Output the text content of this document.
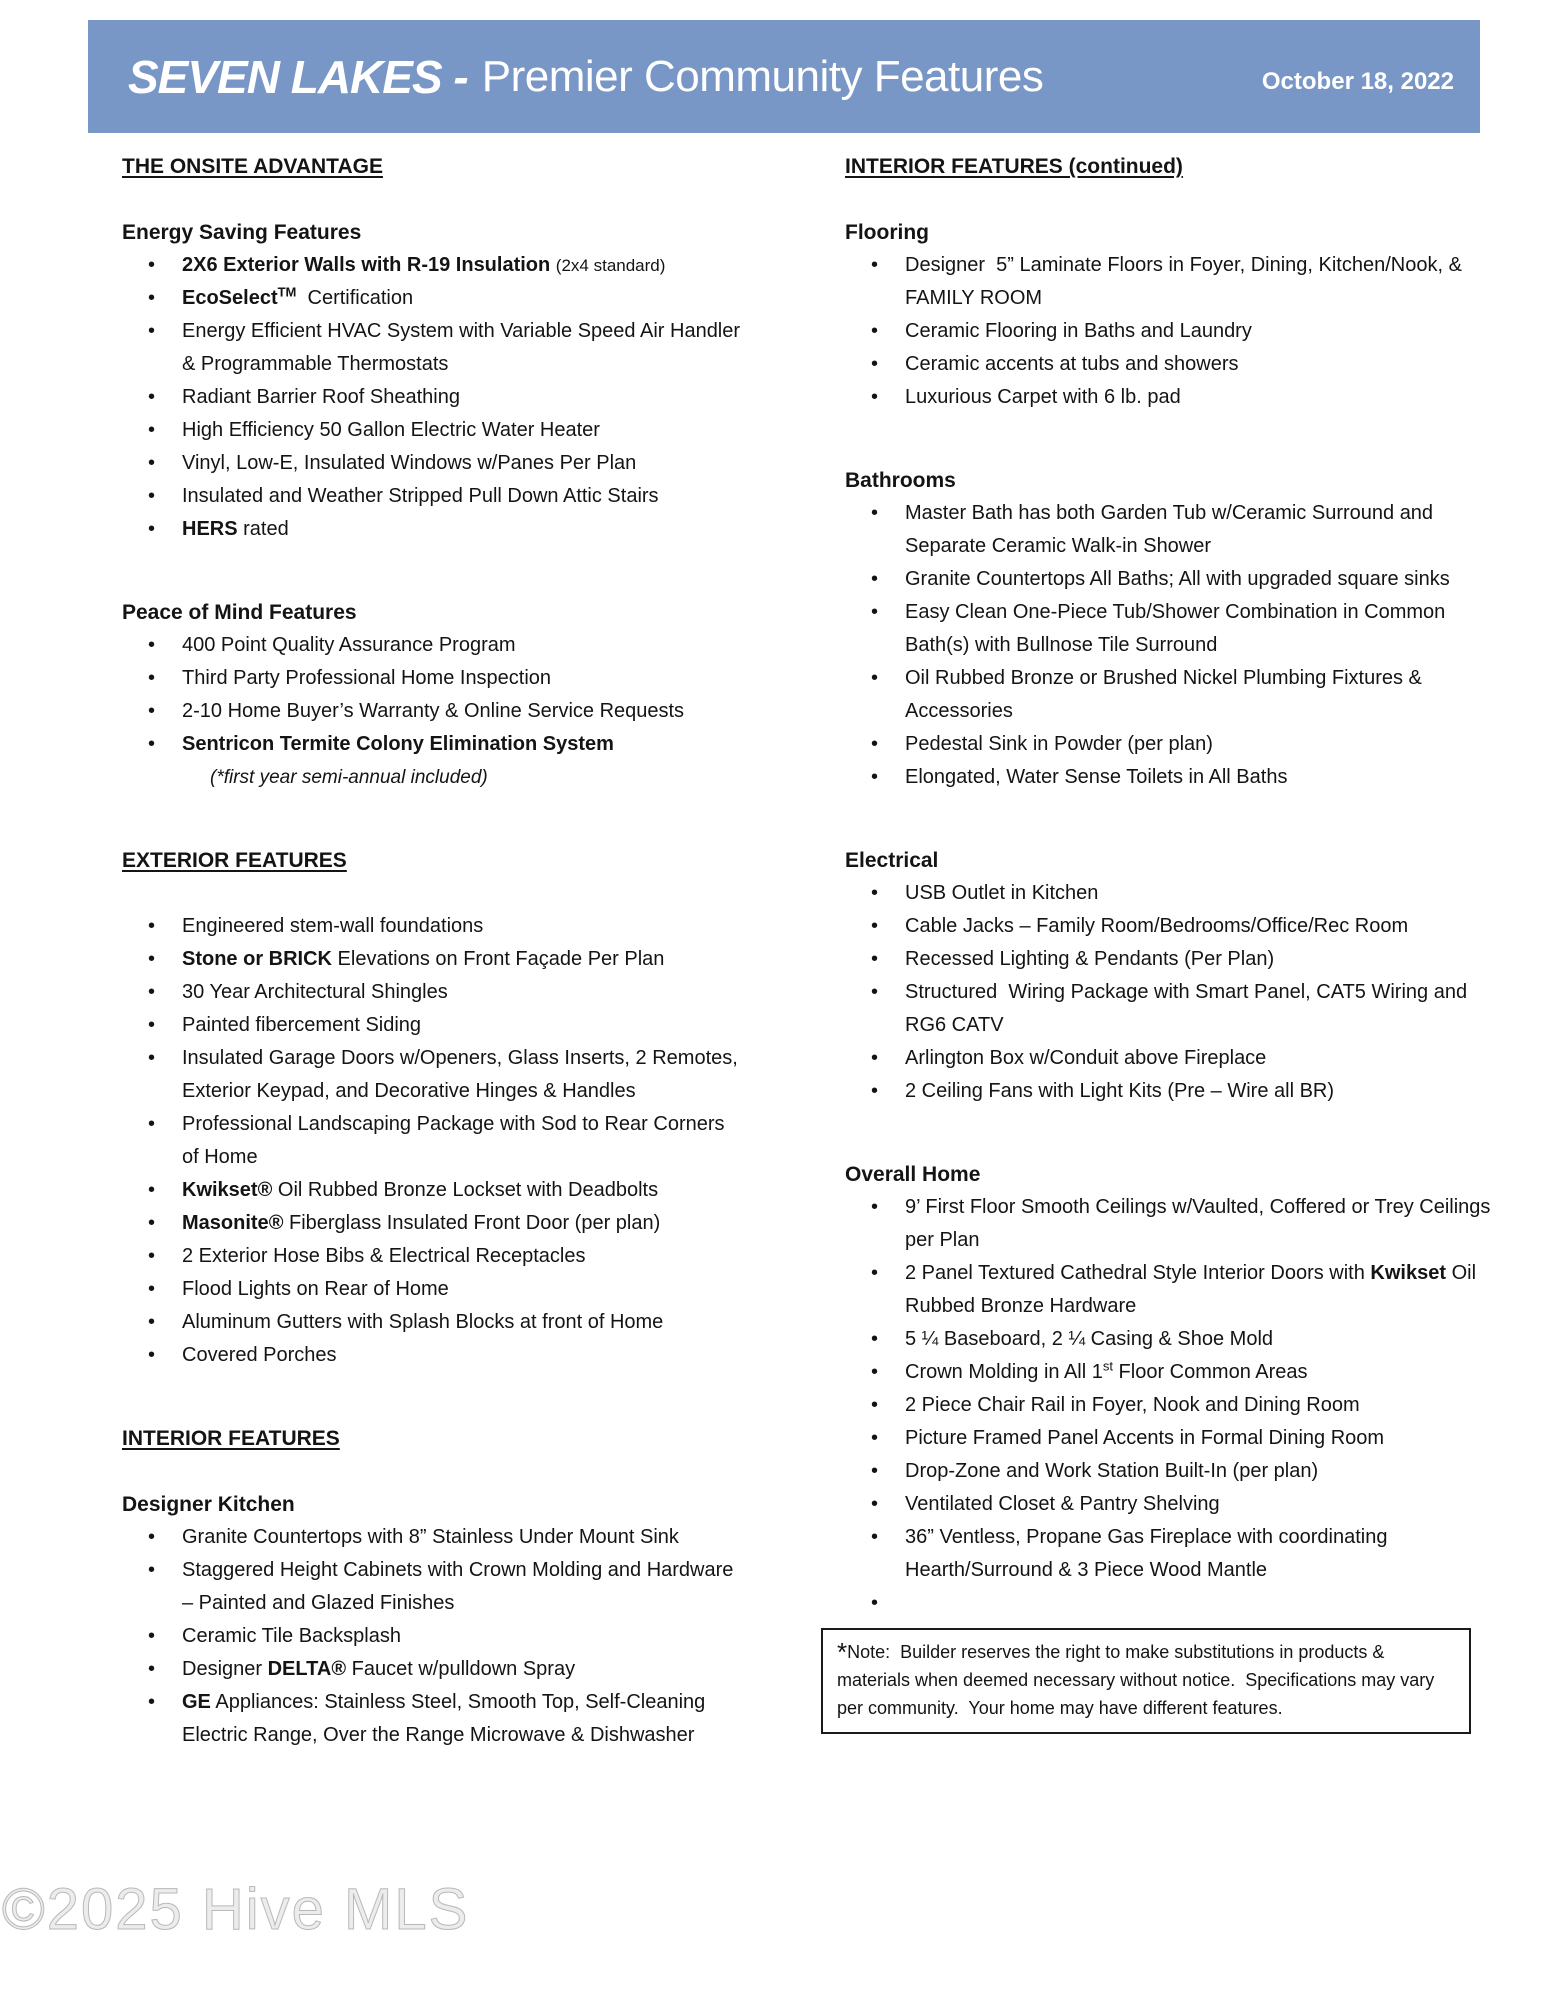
SEVEN LAKES - Premier Community Features	October 18, 2022
THE ONSITE ADVANTAGE
Energy Saving Features
•	2X6 Exterior Walls with R-19 Insulation (2x4 standard)
•	EcoSelect™  Certification
•	Energy Efficient HVAC System with Variable Speed Air Handler & Programmable Thermostats
•	Radiant Barrier Roof Sheathing
•	High Efficiency 50 Gallon Electric Water Heater
•	Vinyl, Low-E, Insulated Windows w/Panes Per Plan
•	Insulated and Weather Stripped Pull Down Attic Stairs
•	HERS rated
Peace of Mind Features
•	400 Point Quality Assurance Program
•	Third Party Professional Home Inspection
•	2-10 Home Buyer’s Warranty & Online Service Requests
•	Sentricon Termite Colony Elimination System
(*first year semi-annual included)
EXTERIOR FEATURES
•	Engineered stem-wall foundations
•	Stone or BRICK Elevations on Front Façade Per Plan
•	30 Year Architectural Shingles
•	Painted fibercement Siding
•	Insulated Garage Doors w/Openers, Glass Inserts, 2 Remotes, Exterior Keypad, and Decorative Hinges & Handles
•	Professional Landscaping Package with Sod to Rear Corners of Home
•	Kwikset® Oil Rubbed Bronze Lockset with Deadbolts
•	Masonite® Fiberglass Insulated Front Door (per plan)
•	2 Exterior Hose Bibs & Electrical Receptacles
•	Flood Lights on Rear of Home
•	Aluminum Gutters with Splash Blocks at front of Home
•	Covered Porches
INTERIOR FEATURES
Designer Kitchen
•	Granite Countertops with 8” Stainless Under Mount Sink
•	Staggered Height Cabinets with Crown Molding and Hardware – Painted and Glazed Finishes
•	Ceramic Tile Backsplash
•	Designer DELTA® Faucet w/pulldown Spray
•	GE Appliances: Stainless Steel, Smooth Top, Self-Cleaning Electric Range, Over the Range Microwave & Dishwasher
INTERIOR FEATURES (continued)
Flooring
•	Designer  5” Laminate Floors in Foyer, Dining, Kitchen/Nook, & FAMILY ROOM
•	Ceramic Flooring in Baths and Laundry
•	Ceramic accents at tubs and showers
•	Luxurious Carpet with 6 lb. pad
Bathrooms
•	Master Bath has both Garden Tub w/Ceramic Surround and Separate Ceramic Walk-in Shower
•	Granite Countertops All Baths; All with upgraded square sinks
•	Easy Clean One-Piece Tub/Shower Combination in Common Bath(s) with Bullnose Tile Surround
•	Oil Rubbed Bronze or Brushed Nickel Plumbing Fixtures & Accessories
•	Pedestal Sink in Powder (per plan)
•	Elongated, Water Sense Toilets in All Baths
Electrical
•	USB Outlet in Kitchen
•	Cable Jacks – Family Room/Bedrooms/Office/Rec Room
•	Recessed Lighting & Pendants (Per Plan)
•	Structured  Wiring Package with Smart Panel, CAT5 Wiring and RG6 CATV
•	Arlington Box w/Conduit above Fireplace
•	2 Ceiling Fans with Light Kits (Pre – Wire all BR)
Overall Home
•	9’ First Floor Smooth Ceilings w/Vaulted, Coffered or Trey Ceilings per Plan
•	2 Panel Textured Cathedral Style Interior Doors with Kwikset Oil Rubbed Bronze Hardware
•	5 ¼ Baseboard, 2 ¼ Casing & Shoe Mold
•	Crown Molding in All 1st Floor Common Areas
•	2 Piece Chair Rail in Foyer, Nook and Dining Room
•	Picture Framed Panel Accents in Formal Dining Room
•	Drop-Zone and Work Station Built-In (per plan)
•	Ventilated Closet & Pantry Shelving
•	36” Ventless, Propane Gas Fireplace with coordinating Hearth/Surround & 3 Piece Wood Mantle
•
*Note:  Builder reserves the right to make substitutions in products & materials when deemed necessary without notice.  Specifications may vary per community.  Your home may have different features.
©2025 Hive MLS
